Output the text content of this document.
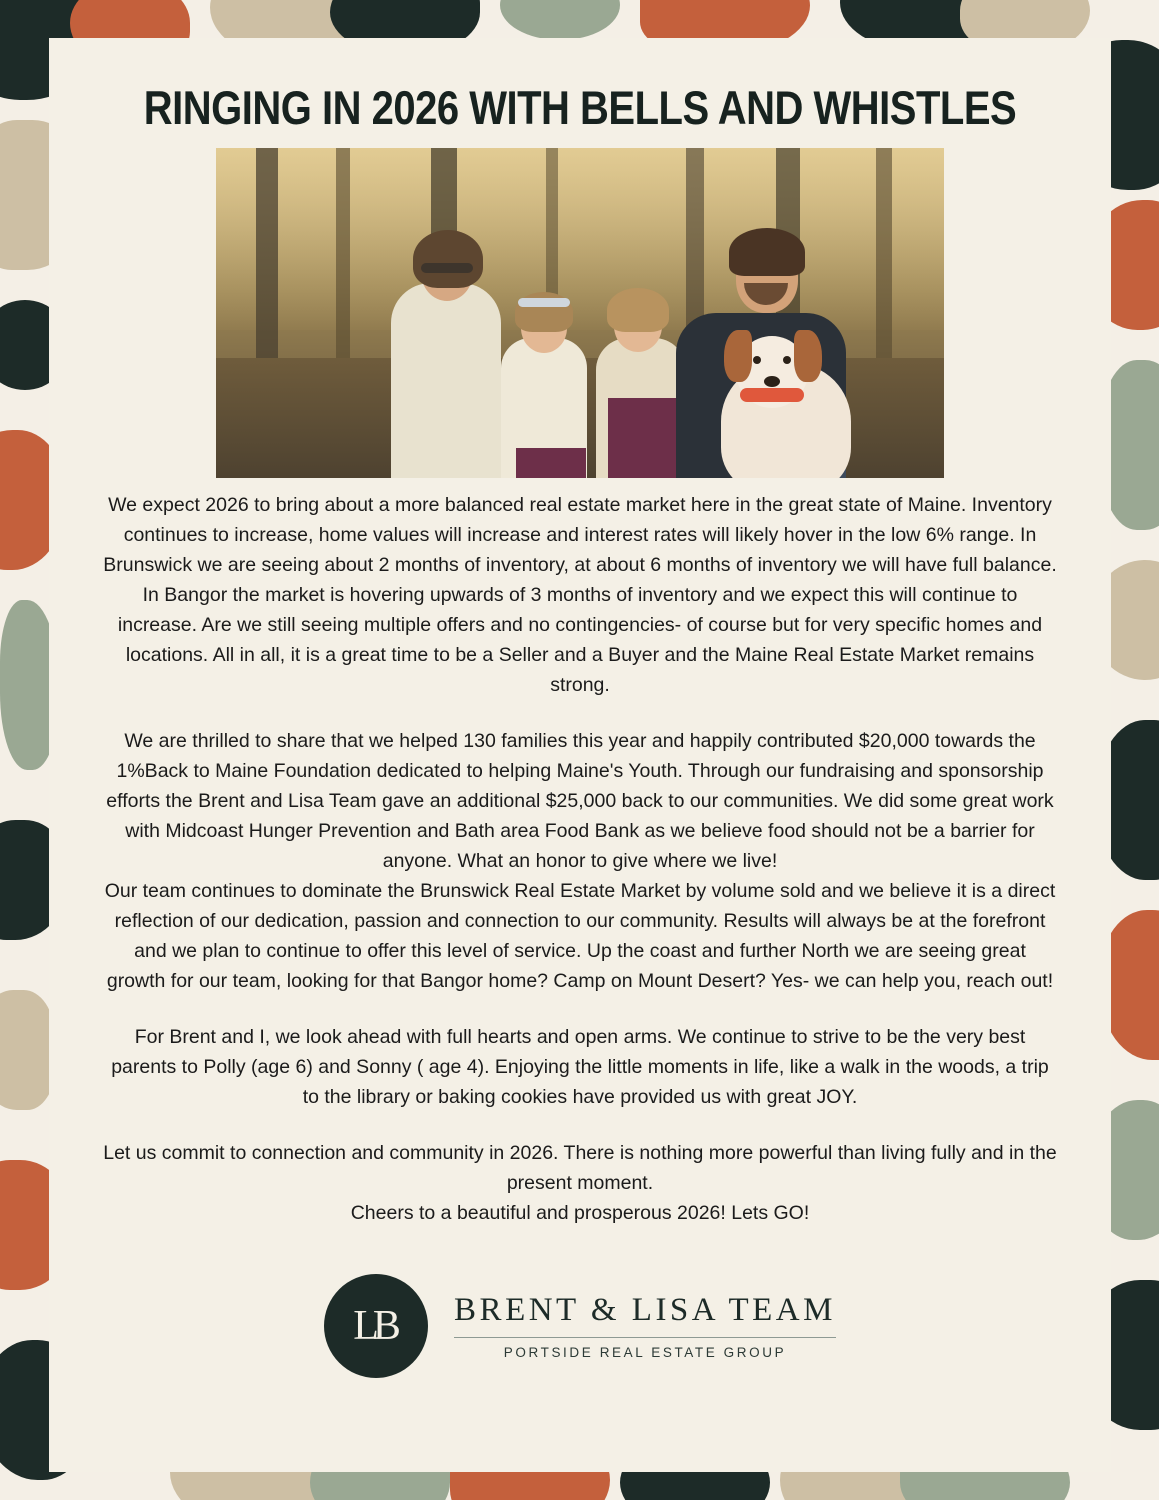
RINGING IN 2026 WITH BELLS AND WHISTLES

We expect 2026 to bring about a more balanced real estate market here in the great state of Maine. Inventory continues to increase, home values will increase and interest rates will likely hover in the low 6% range. In Brunswick we are seeing about 2 months of inventory, at about 6 months of inventory we will have full balance. In Bangor the market is hovering upwards of 3 months of inventory and we expect this will continue to increase. Are we still seeing multiple offers and no contingencies- of course but for very specific homes and locations. All in all, it is a great time to be a Seller and a Buyer and the Maine Real Estate Market remains strong.

We are thrilled to share that we helped 130 families this year and happily contributed $20,000 towards the 1%Back to Maine Foundation dedicated to helping Maine's Youth. Through our fundraising and sponsorship efforts the Brent and Lisa Team gave an additional $25,000 back to our communities. We did some great work with Midcoast Hunger Prevention and Bath area Food Bank as we believe food should not be a barrier for anyone. What an honor to give where we live!

Our team continues to dominate the Brunswick Real Estate Market by volume sold and we believe it is a direct reflection of our dedication, passion and connection to our community. Results will always be at the forefront and we plan to continue to offer this level of service. Up the coast and further North we are seeing great growth for our team, looking for that Bangor home? Camp on Mount Desert? Yes- we can help you, reach out!

For Brent and I, we look ahead with full hearts and open arms. We continue to strive to be the very best parents to Polly (age 6) and Sonny ( age 4). Enjoying the little moments in life, like a walk in the woods, a trip to the library or baking cookies have provided us with great JOY.

Let us commit to connection and community in 2026. There is nothing more powerful than living fully and in the present moment.

Cheers to a beautiful and prosperous 2026! Lets GO!

LB	BRENT & LISA TEAM
PORTSIDE REAL ESTATE GROUP
